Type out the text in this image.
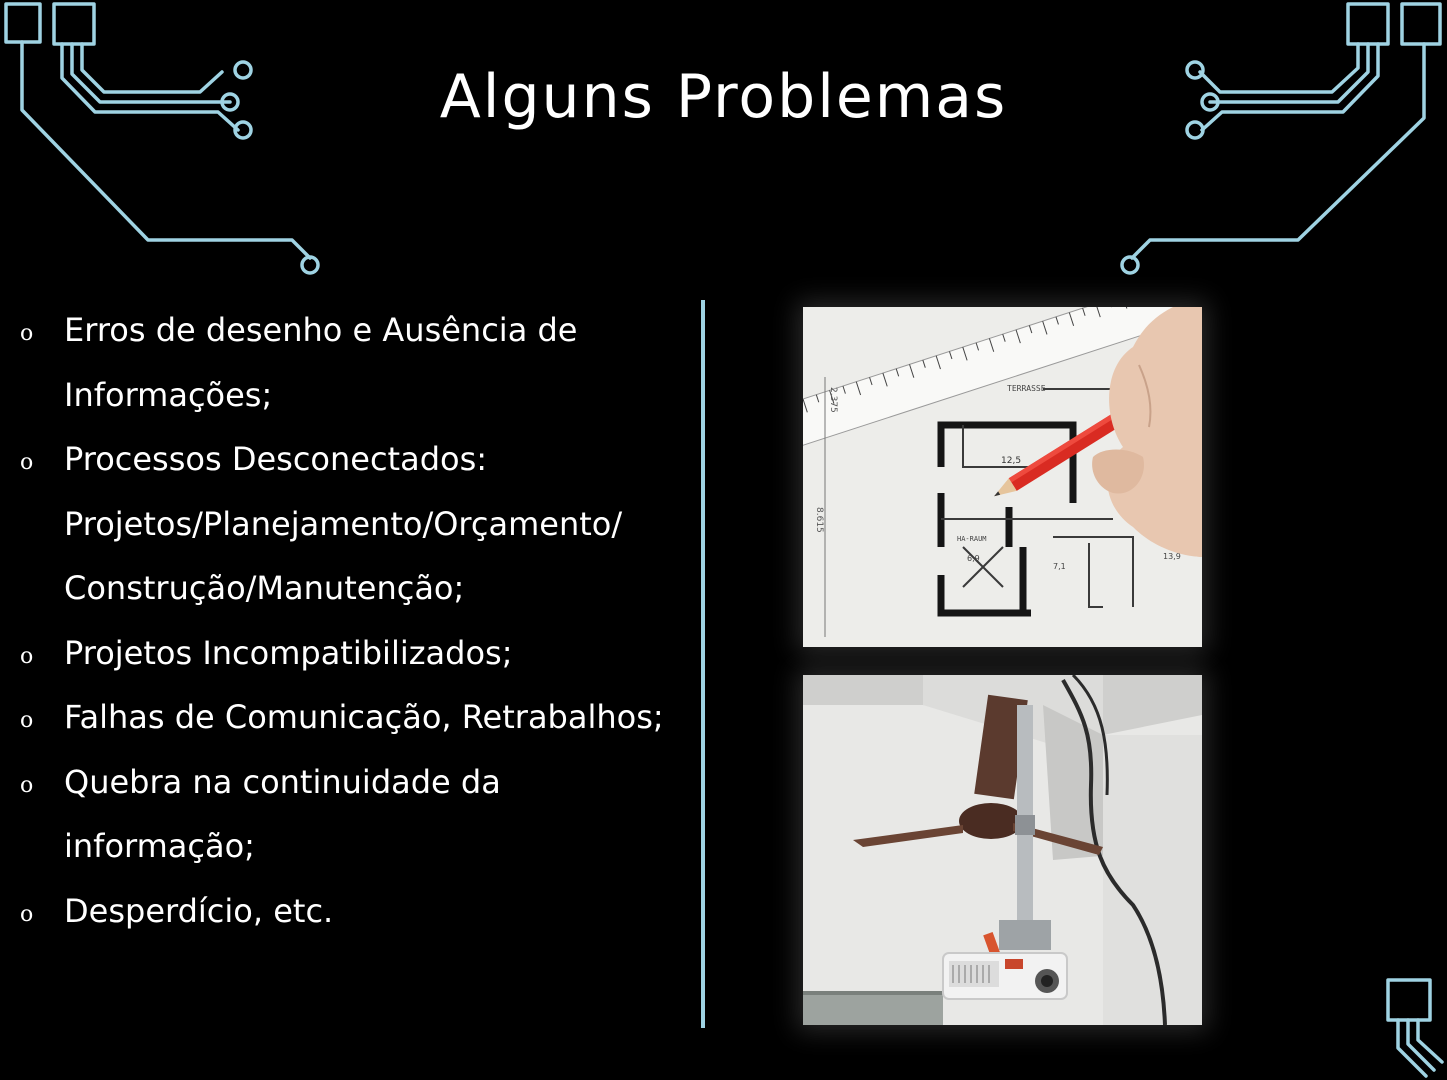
Alguns Problemas
o Erros de desenho e Ausência de
Informações;
o Processos Desconectados:
Projetos/Planejamento/Orçamento/
Construção/Manutenção;
o Projetos Incompatibilizados;
o Falhas de Comunicação, Retrabalhos;
o Quebra na continuidade da
informação;
o Desperdício, etc.
2.375
8.615
TERRASSE
12,5
7,1
6,9	13,9
HA-RAUM
